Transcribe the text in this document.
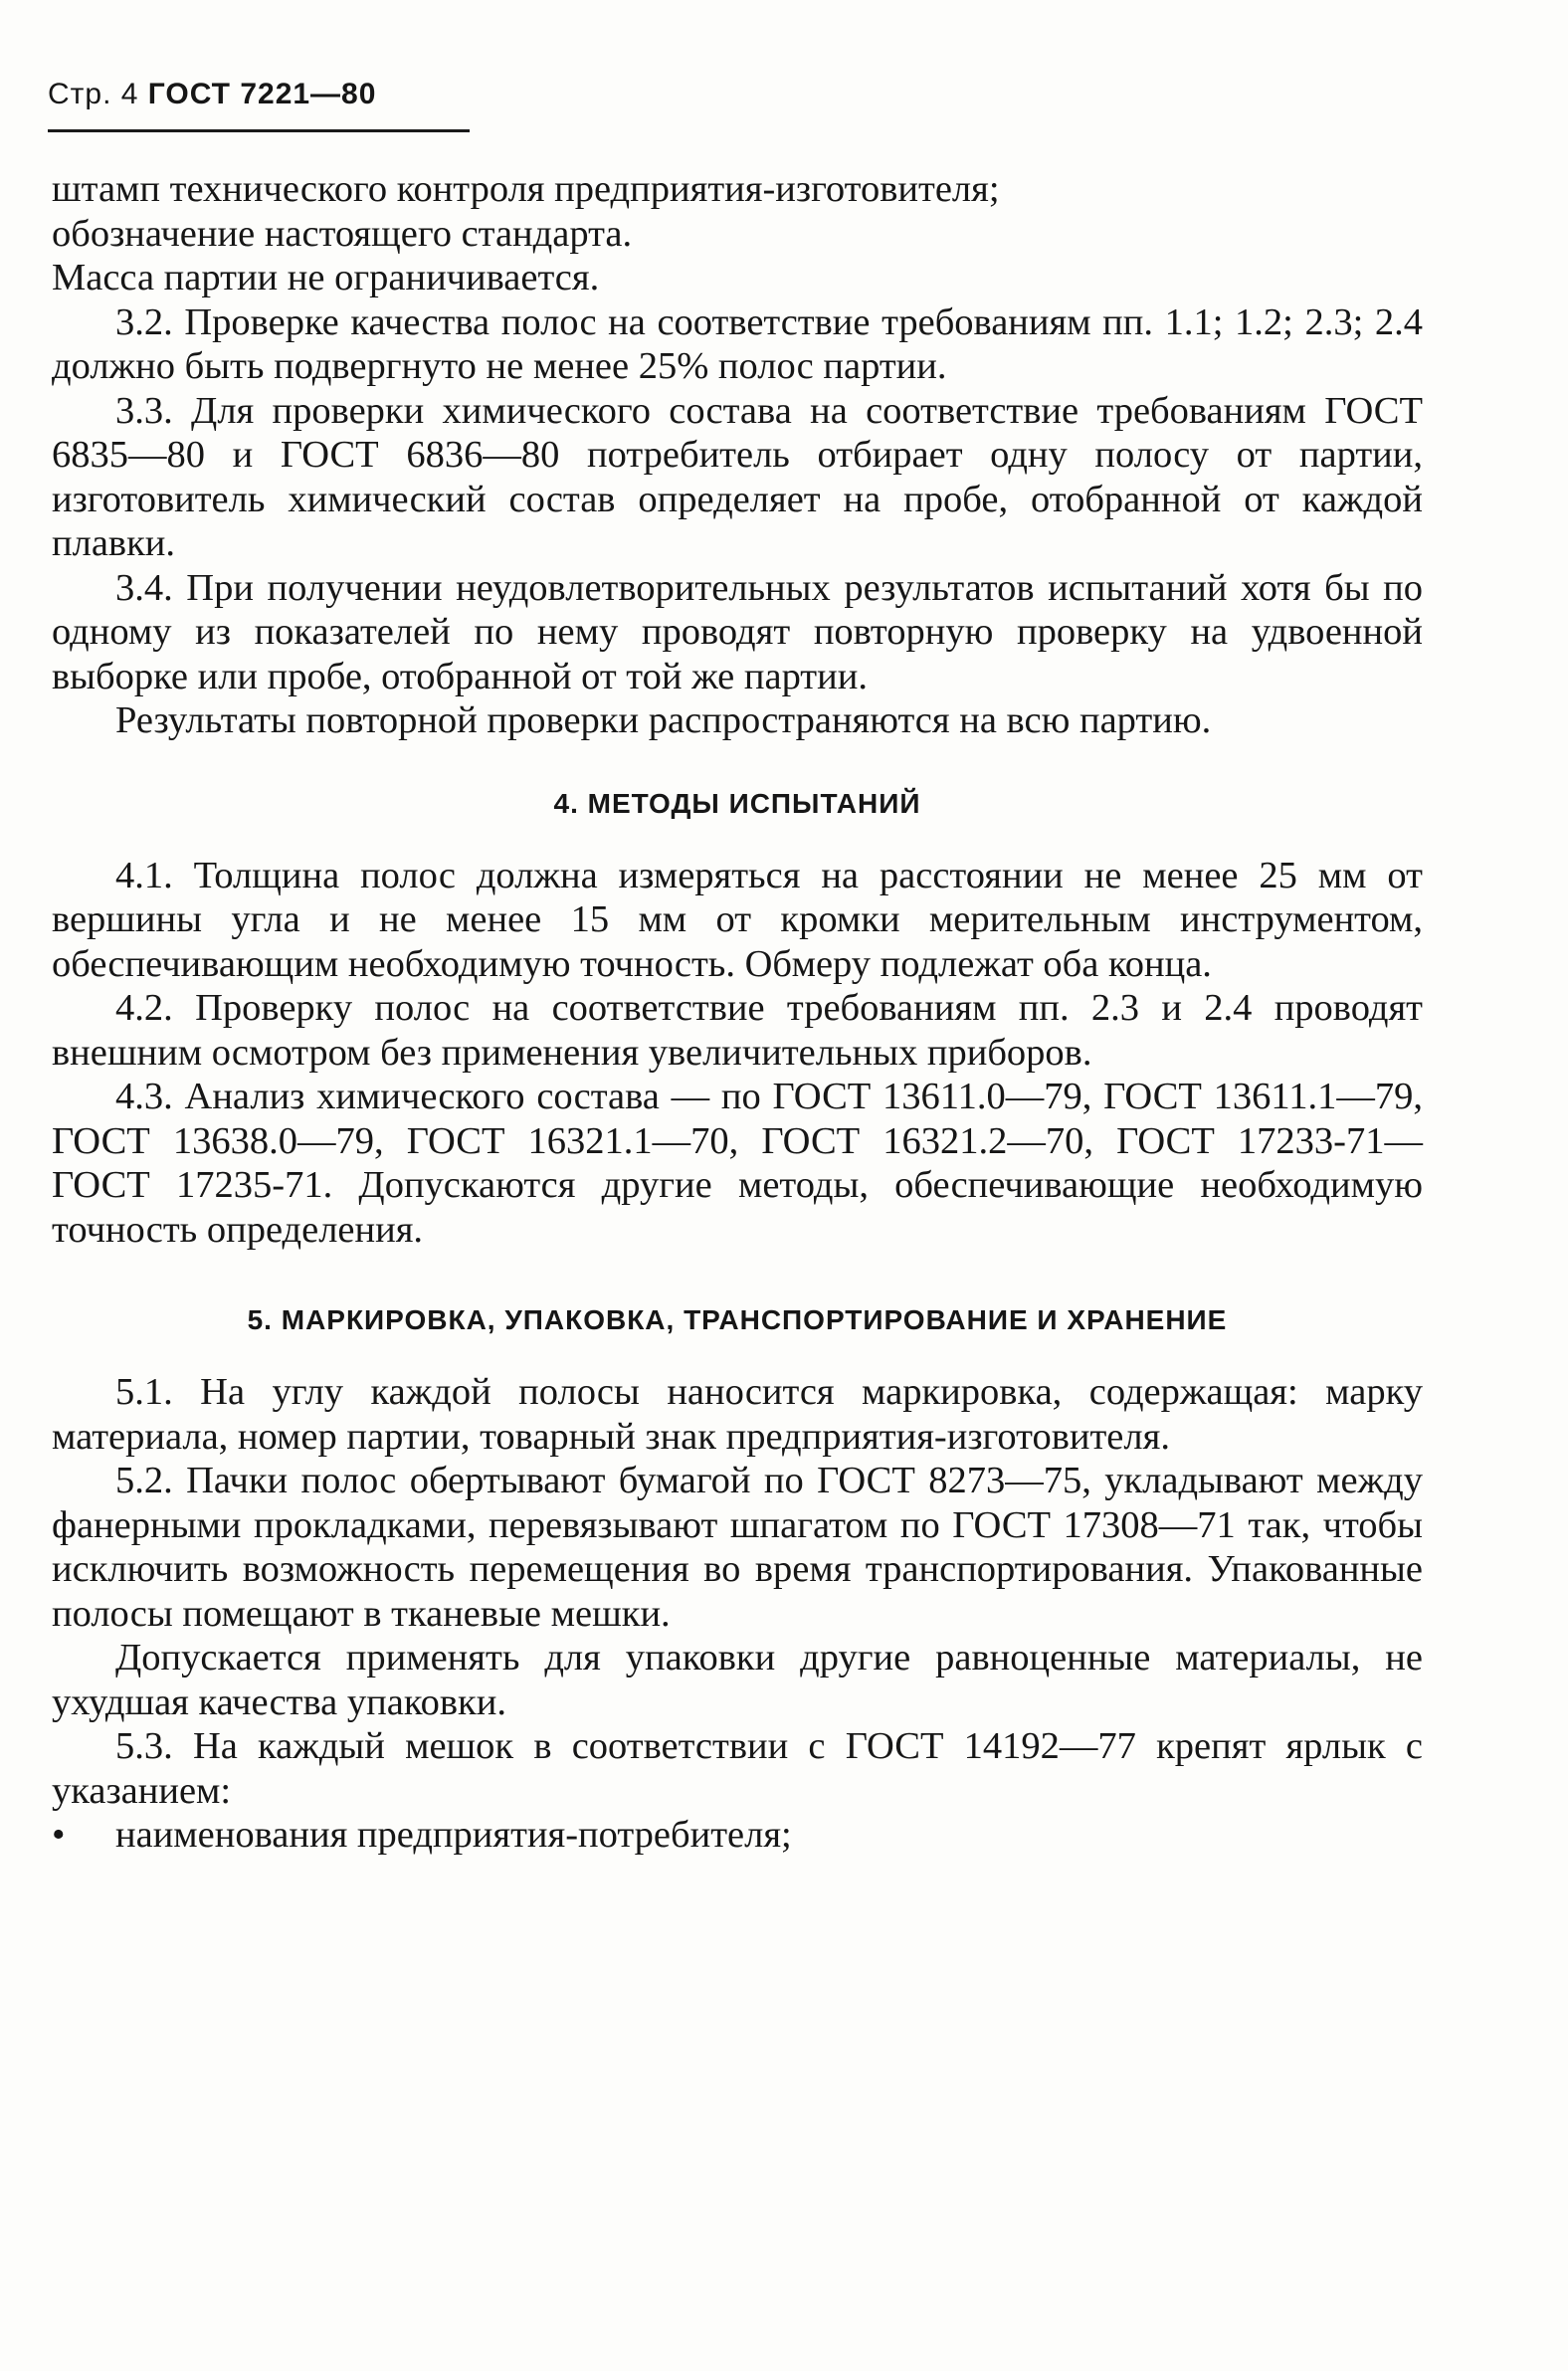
Стр. 4 ГОСТ 7221—80

штамп технического контроля предприятия-изготовителя;

обозначение настоящего стандарта.

Масса партии не ограничивается.

3.2. Проверке качества полос на соответствие требованиям пп. 1.1; 1.2; 2.3; 2.4 должно быть подвергнуто не менее 25% полос партии.

3.3. Для проверки химического состава на соответствие требованиям ГОСТ 6835—80 и ГОСТ 6836—80 потребитель отбирает одну полосу от партии, изготовитель химический состав определяет на пробе, отобранной от каждой плавки.

3.4. При получении неудовлетворительных результатов испытаний хотя бы по одному из показателей по нему проводят повторную проверку на удвоенной выборке или пробе, отобранной от той же партии.

Результаты повторной проверки распространяются на всю партию.

4. МЕТОДЫ ИСПЫТАНИЙ

4.1. Толщина полос должна измеряться на расстоянии не менее 25 мм от вершины угла и не менее 15 мм от кромки мерительным инструментом, обеспечивающим необходимую точность. Обмеру подлежат оба конца.

4.2. Проверку полос на соответствие требованиям пп. 2.3 и 2.4 проводят внешним осмотром без применения увеличительных приборов.

4.3. Анализ химического состава — по ГОСТ 13611.0—79, ГОСТ 13611.1—79, ГОСТ 13638.0—79, ГОСТ 16321.1—70, ГОСТ 16321.2—70, ГОСТ 17233-71—ГОСТ 17235-71. Допускаются другие методы, обеспечивающие необходимую точность определения.

5. МАРКИРОВКА, УПАКОВКА, ТРАНСПОРТИРОВАНИЕ И ХРАНЕНИЕ

5.1. На углу каждой полосы наносится маркировка, содержащая: марку материала, номер партии, товарный знак предприятия-изготовителя.

5.2. Пачки полос обертывают бумагой по ГОСТ 8273—75, укладывают между фанерными прокладками, перевязывают шпагатом по ГОСТ 17308—71 так, чтобы исключить возможность перемещения во время транспортирования. Упакованные полосы помещают в тканевые мешки.

Допускается применять для упаковки другие равноценные материалы, не ухудшая качества упаковки.

5.3. На каждый мешок в соответствии с ГОСТ 14192—77 крепят ярлык с указанием:

•	наименования предприятия-потребителя;
